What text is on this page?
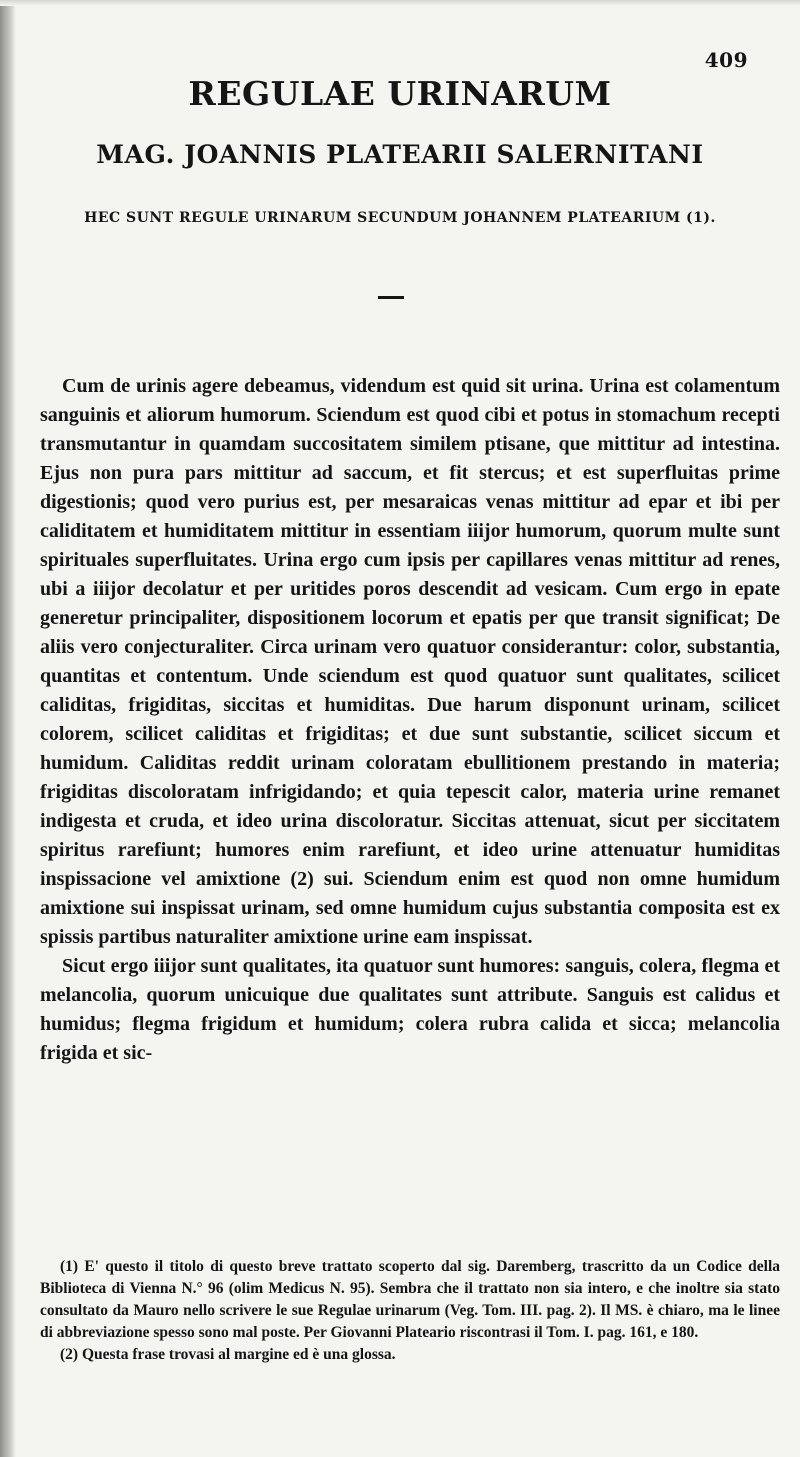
409
REGULAE URINARUM
MAG. JOANNIS PLATEARII SALERNITANI
HEC SUNT REGULE URINARUM SECUNDUM JOHANNEM PLATEARIUM (1).

Cum de urinis agere debeamus, videndum est quid sit urina. Urina est colamentum sanguinis et aliorum humorum. Sciendum est quod cibi et potus in stomachum recepti transmutantur in quamdam succositatem similem ptisane, que mittitur ad intestina. Ejus non pura pars mittitur ad saccum, et fit stercus; et est superfluitas prime digestionis; quod vero purius est, per mesaraicas venas mittitur ad epar et ibi per caliditatem et humiditatem mittitur in essentiam iiijor humorum, quorum multe sunt spirituales superfluitates. Urina ergo cum ipsis per capillares venas mittitur ad renes, ubi a iiijor decolatur et per uritides poros descendit ad vesicam. Cum ergo in epate generetur principaliter, dispositionem locorum et epatis per que transit significat; De aliis vero conjecturaliter. Circa urinam vero quatuor considerantur: color, substantia, quantitas et contentum. Unde sciendum est quod quatuor sunt qualitates, scilicet caliditas, frigiditas, siccitas et humiditas. Due harum disponunt urinam, scilicet colorem, scilicet caliditas et frigiditas; et due sunt substantie, scilicet siccum et humidum. Caliditas reddit urinam coloratam ebullitionem prestando in materia; frigiditas discoloratam infrigidando; et quia tepescit calor, materia urine remanet indigesta et cruda, et ideo urina discoloratur. Siccitas attenuat, sicut per siccitatem spiritus rarefiunt; humores enim rarefiunt, et ideo urine attenuatur humiditas inspissacione vel amixtione (2) sui. Sciendum enim est quod non omne humidum amixtione sui inspissat urinam, sed omne humidum cujus substantia composita est ex spissis partibus naturaliter amixtione urine eam inspissat.

Sicut ergo iiijor sunt qualitates, ita quatuor sunt humores: sanguis, colera, flegma et melancolia, quorum unicuique due qualitates sunt attribute. Sanguis est calidus et humidus; flegma frigidum et humidum; colera rubra calida et sicca; melancolia frigida et sic-

(1) E' questo il titolo di questo breve trattato scoperto dal sig. Daremberg, trascritto da un Codice della Biblioteca di Vienna N.° 96 (olim Medicus N. 95). Sembra che il trattato non sia intero, e che inoltre sia stato consultato da Mauro nello scrivere le sue Regulae urinarum (Veg. Tom. III. pag. 2). Il MS. è chiaro, ma le linee di abbreviazione spesso sono mal poste. Per Giovanni Plateario riscontrasi il Tom. I. pag. 161, e 180.

(2) Questa frase trovasi al margine ed è una glossa.
